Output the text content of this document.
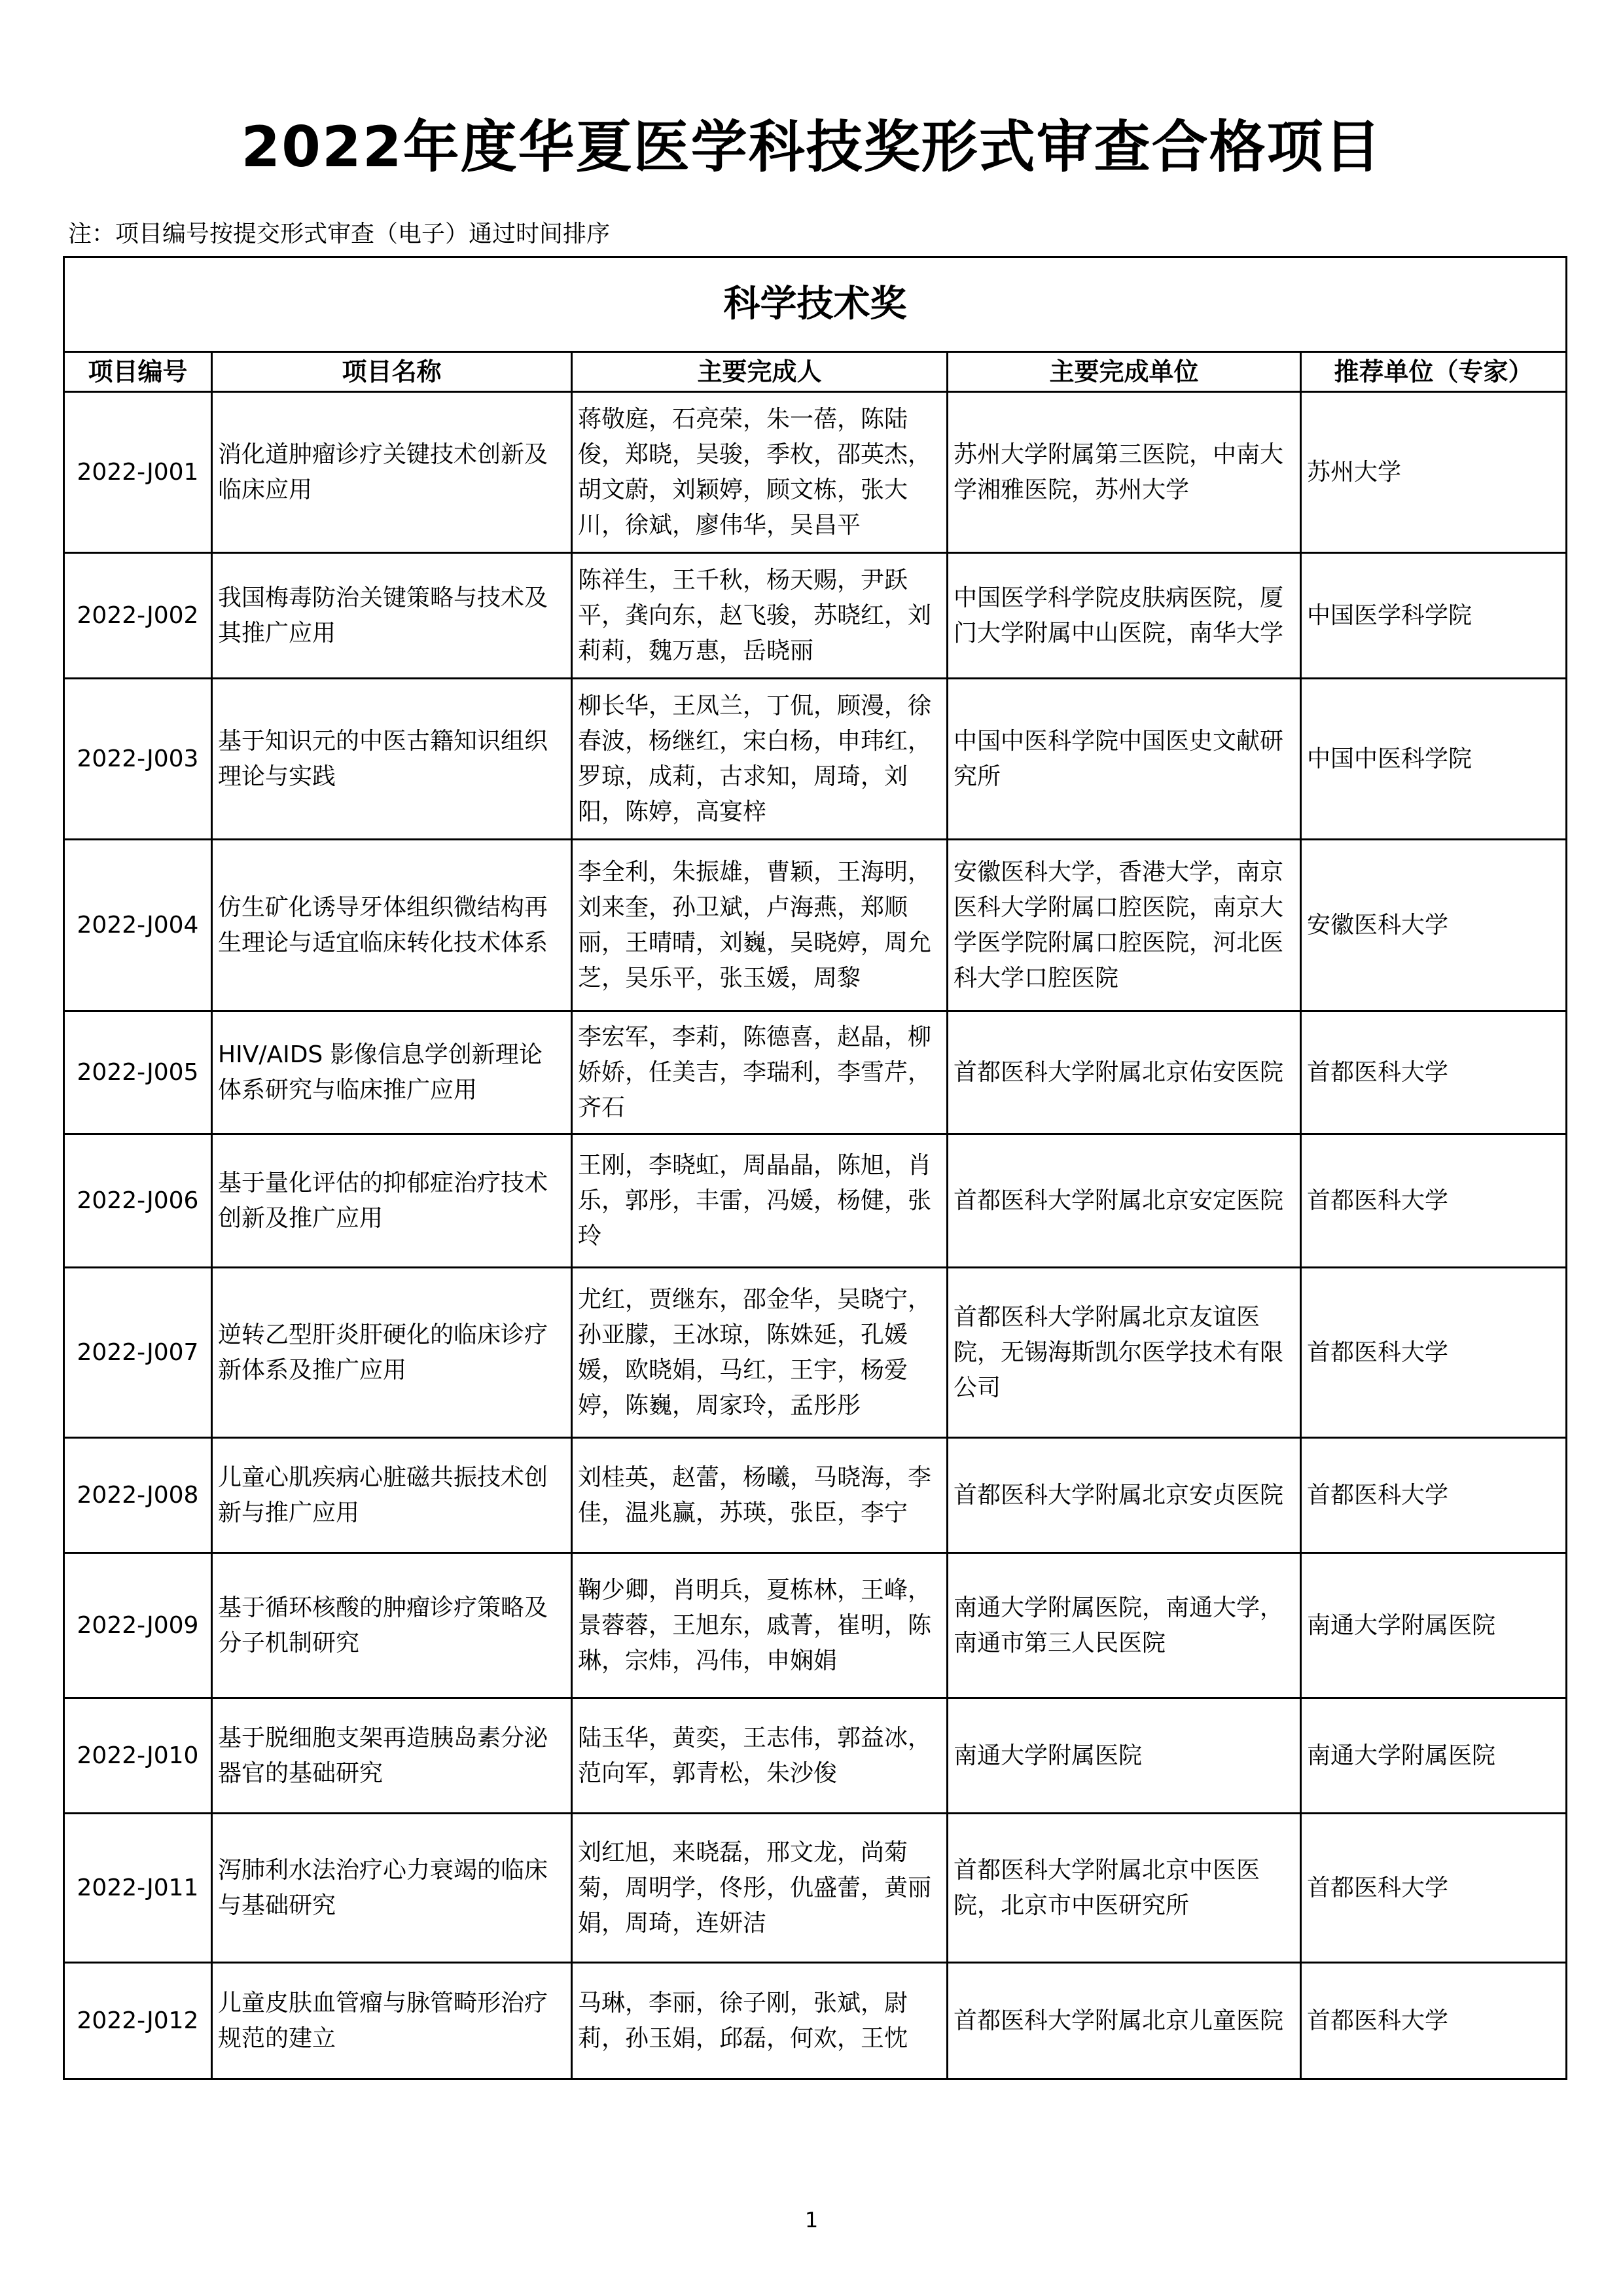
2022年度华夏医学科技奖形式审查合格项目
注：项目编号按提交形式审查（电子）通过时间排序
科学技术奖				
项目编号	项目名称	主要完成人	主要完成单位	推荐单位（专家）
2022-J001	消化道肿瘤诊疗关键技术创新及临床应用	蒋敬庭，石亮荣，朱一蓓，陈陆俊，郑晓，吴骏，季枚，邵英杰，胡文蔚，刘颖婷，顾文栋，张大川，徐斌，廖伟华，吴昌平	苏州大学附属第三医院，中南大学湘雅医院，苏州大学	苏州大学
2022-J002	我国梅毒防治关键策略与技术及其推广应用	陈祥生，王千秋，杨天赐，尹跃平，龚向东，赵飞骏，苏晓红，刘莉莉，魏万惠，岳晓丽	中国医学科学院皮肤病医院，厦门大学附属中山医院，南华大学	中国医学科学院
2022-J003	基于知识元的中医古籍知识组织理论与实践	柳长华，王凤兰，丁侃，顾漫，徐春波，杨继红，宋白杨，申玮红，罗琼，成莉，古求知，周琦，刘阳，陈婷，高宴梓	中国中医科学院中国医史文献研究所	中国中医科学院
2022-J004	仿生矿化诱导牙体组织微结构再生理论与适宜临床转化技术体系	李全利，朱振雄，曹颖，王海明，刘来奎，孙卫斌，卢海燕，郑顺丽，王晴晴，刘巍，吴晓婷，周允芝，吴乐平，张玉媛，周黎	安徽医科大学，香港大学，南京医科大学附属口腔医院，南京大学医学院附属口腔医院，河北医科大学口腔医院	安徽医科大学
2022-J005	HIV/AIDS 影像信息学创新理论体系研究与临床推广应用	李宏军，李莉，陈德喜，赵晶，柳娇娇，任美吉，李瑞利，李雪芹，齐石	首都医科大学附属北京佑安医院	首都医科大学
2022-J006	基于量化评估的抑郁症治疗技术创新及推广应用	王刚，李晓虹，周晶晶，陈旭，肖乐，郭彤，丰雷，冯媛，杨健，张玲	首都医科大学附属北京安定医院	首都医科大学
2022-J007	逆转乙型肝炎肝硬化的临床诊疗新体系及推广应用	尤红，贾继东，邵金华，吴晓宁，孙亚朦，王冰琼，陈姝延，孔媛媛，欧晓娟，马红，王宇，杨爱婷，陈巍，周家玲，孟彤彤	首都医科大学附属北京友谊医院，无锡海斯凯尔医学技术有限公司	首都医科大学
2022-J008	儿童心肌疾病心脏磁共振技术创新与推广应用	刘桂英，赵蕾，杨曦，马晓海，李佳，温兆赢，苏瑛，张臣，李宁	首都医科大学附属北京安贞医院	首都医科大学
2022-J009	基于循环核酸的肿瘤诊疗策略及分子机制研究	鞠少卿，肖明兵，夏栋林，王峰，景蓉蓉，王旭东，戚菁，崔明，陈琳，宗炜，冯伟，申娴娟	南通大学附属医院，南通大学，南通市第三人民医院	南通大学附属医院
2022-J010	基于脱细胞支架再造胰岛素分泌器官的基础研究	陆玉华，黄奕，王志伟，郭益冰，范向军，郭青松，朱沙俊	南通大学附属医院	南通大学附属医院
2022-J011	泻肺利水法治疗心力衰竭的临床与基础研究	刘红旭，来晓磊，邢文龙，尚菊菊，周明学，佟彤，仇盛蕾，黄丽娟，周琦，连妍洁	首都医科大学附属北京中医医院，北京市中医研究所	首都医科大学
2022-J012	儿童皮肤血管瘤与脉管畸形治疗规范的建立	马琳，李丽，徐子刚，张斌，尉莉，孙玉娟，邱磊，何欢，王忱	首都医科大学附属北京儿童医院	首都医科大学
1
